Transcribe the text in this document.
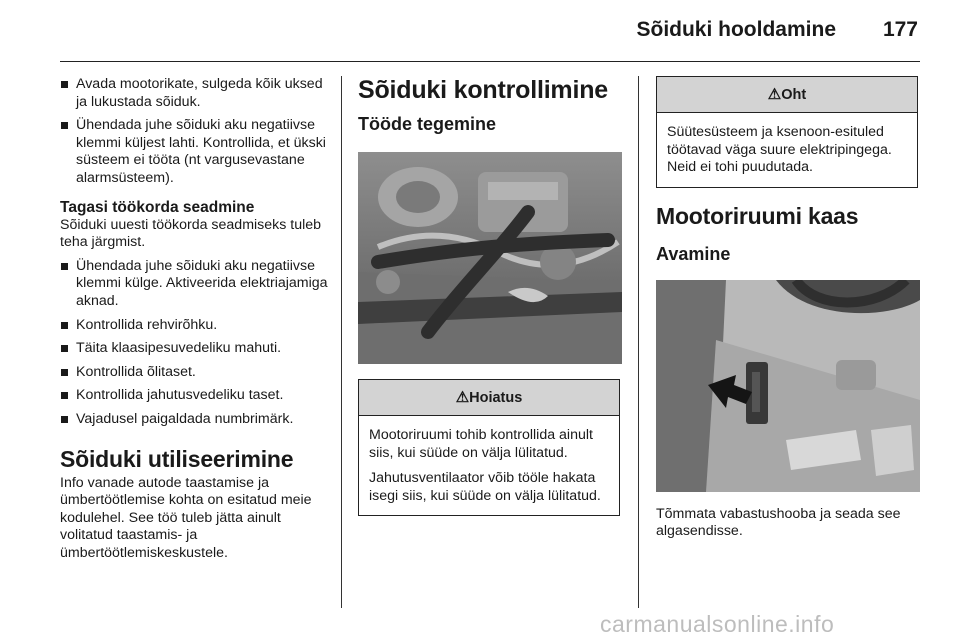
Sõiduki hooldamine 177
Avada mootorikate, sulgeda kõik uksed ja lukustada sõiduk.
Ühendada juhe sõiduki aku negatiivse klemmi küljest lahti. Kontrollida, et ükski süsteem ei tööta (nt vargusevastane alarmsüsteem).
Tagasi töökorda seadmine

Sõiduki uuesti töökorda seadmiseks tuleb teha järgmist.

Ühendada juhe sõiduki aku negatiivse klemmi külge. Aktiveerida elektriajamiga aknad.
Kontrollida rehvirõhku.
Täita klaasipesuvedeliku mahuti.
Kontrollida õlitaset.
Kontrollida jahutusvedeliku taset.
Vajadusel paigaldada numbrimärk.
Sõiduki utiliseerimine

Info vanade autode taastamise ja ümbertöötlemise kohta on esitatud meie kodulehel. See töö tuleb jätta ainult volitatud taastamis- ja ümbertöötlemiskeskustele.

Sõiduki kontrollimine
Tööde tegemine
⚠Hoiatus

Mootoriruumi tohib kontrollida ainult siis, kui süüde on välja lülitatud.

Jahutusventilaator võib tööle hakata isegi siis, kui süüde on välja lülitatud.

⚠Oht

Süütesüsteem ja ksenoon-esituled töötavad väga suure elektripingega. Neid ei tohi puudutada.

Mootoriruumi kaas
Avamine

Tõmmata vabastushooba ja seada see algasendisse.

carmanualsonline.info
